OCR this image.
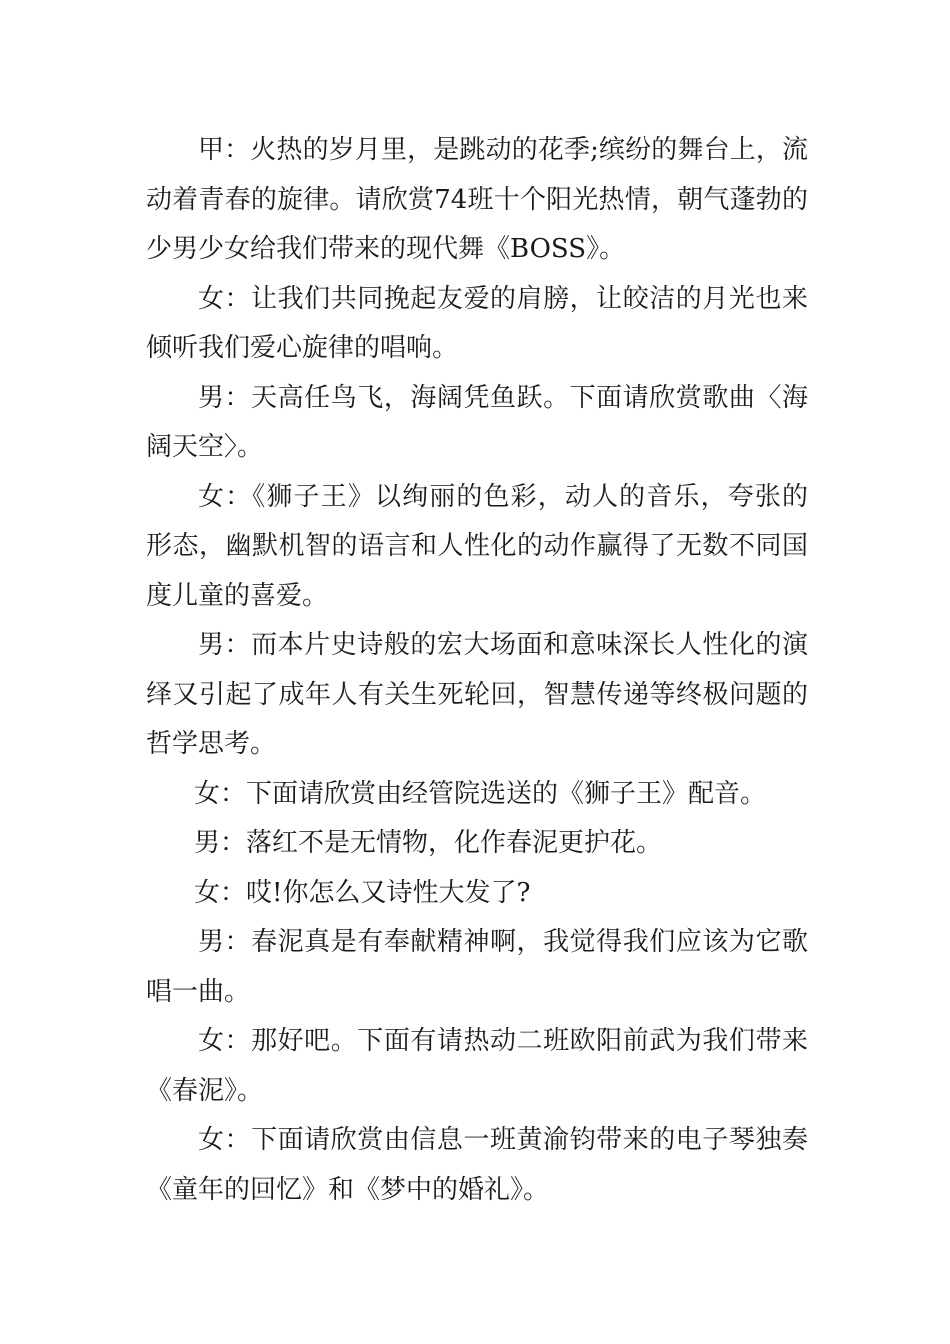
甲：火热的岁月里，是跳动的花季;缤纷的舞台上，流动着青春的旋律。请欣赏74班十个阳光热情，朝气蓬勃的少男少女给我们带来的现代舞《BOSS》。

女：让我们共同挽起友爱的肩膀，让皎洁的月光也来倾听我们爱心旋律的唱响。

男：天高任鸟飞，海阔凭鱼跃。下面请欣赏歌曲〈海阔天空〉。

女：《狮子王》以绚丽的色彩，动人的音乐，夸张的形态，幽默机智的语言和人性化的动作赢得了无数不同国度儿童的喜爱。

男：而本片史诗般的宏大场面和意味深长人性化的演绎又引起了成年人有关生死轮回，智慧传递等终极问题的哲学思考。

女：下面请欣赏由经管院选送的《狮子王》配音。

男：落红不是无情物，化作春泥更护花。

女：哎!你怎么又诗性大发了?

男：春泥真是有奉献精神啊，我觉得我们应该为它歌唱一曲。

女：那好吧。下面有请热动二班欧阳前武为我们带来《春泥》。

女：下面请欣赏由信息一班黄渝钧带来的电子琴独奏《童年的回忆》和《梦中的婚礼》。
